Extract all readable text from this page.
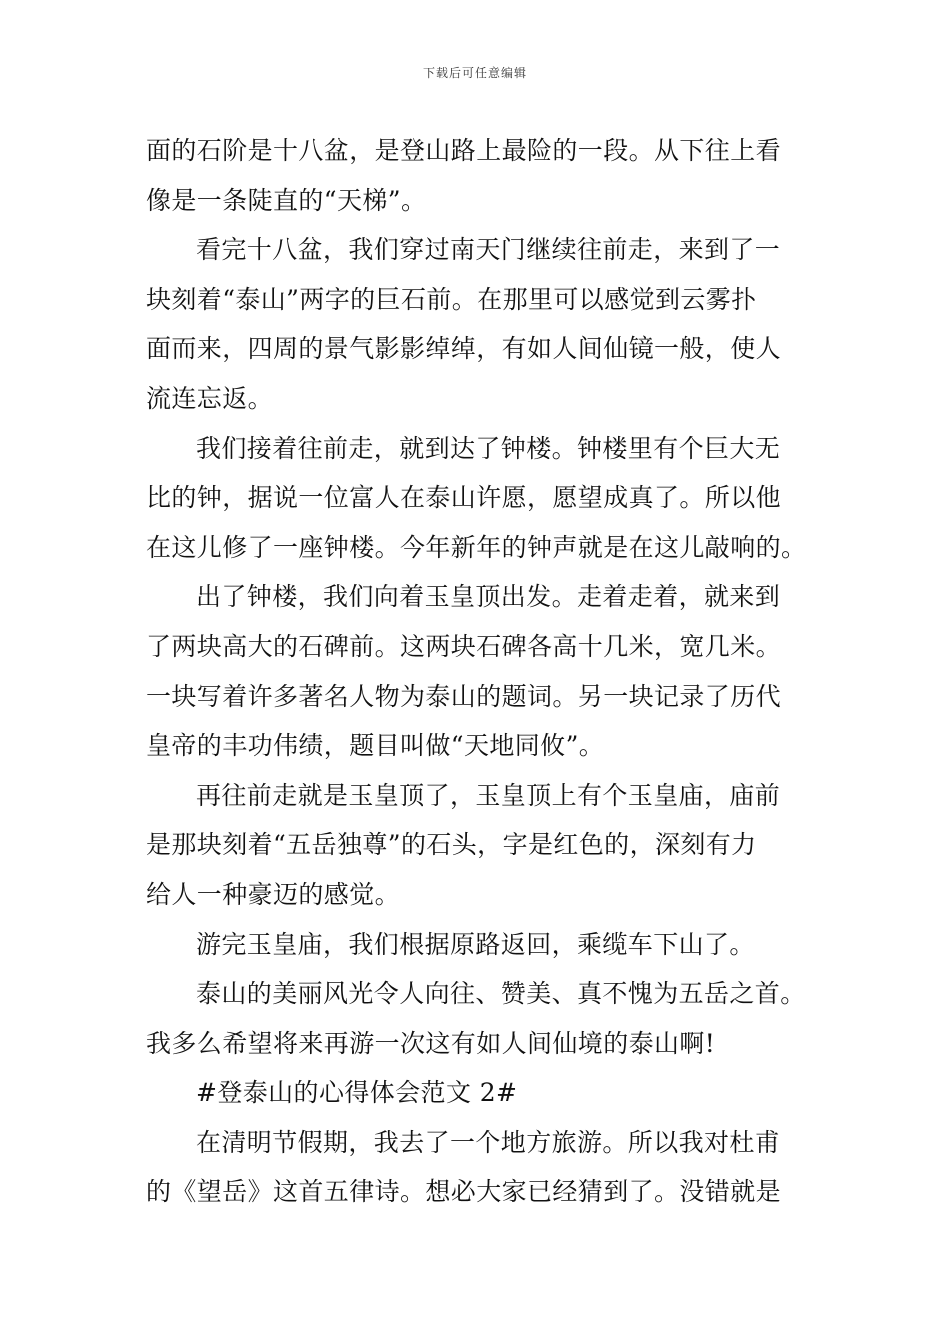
下载后可任意编辑
面的石阶是十八盆，是登山路上最险的一段。从下往上看
像是一条陡直的“天梯”。
看完十八盆，我们穿过南天门继续往前走，来到了一
块刻着“泰山”两字的巨石前。在那里可以感觉到云雾扑
面而来，四周的景气影影绰绰，有如人间仙镜一般，使人
流连忘返。
我们接着往前走，就到达了钟楼。钟楼里有个巨大无
比的钟，据说一位富人在泰山许愿，愿望成真了。所以他
在这儿修了一座钟楼。今年新年的钟声就是在这儿敲响的。
出了钟楼，我们向着玉皇顶出发。走着走着，就来到
了两块高大的石碑前。这两块石碑各高十几米，宽几米。
一块写着许多著名人物为泰山的题词。另一块记录了历代
皇帝的丰功伟绩，题目叫做“天地同攸”。
再往前走就是玉皇顶了，玉皇顶上有个玉皇庙，庙前
是那块刻着“五岳独尊”的石头，字是红色的，深刻有力
给人一种豪迈的感觉。
游完玉皇庙，我们根据原路返回，乘缆车下山了。
泰山的美丽风光令人向往、赞美、真不愧为五岳之首。
我多么希望将来再游一次这有如人间仙境的泰山啊!
#登泰山的心得体会范文 2#
在清明节假期，我去了一个地方旅游。所以我对杜甫
的《望岳》这首五律诗。想必大家已经猜到了。没错就是
